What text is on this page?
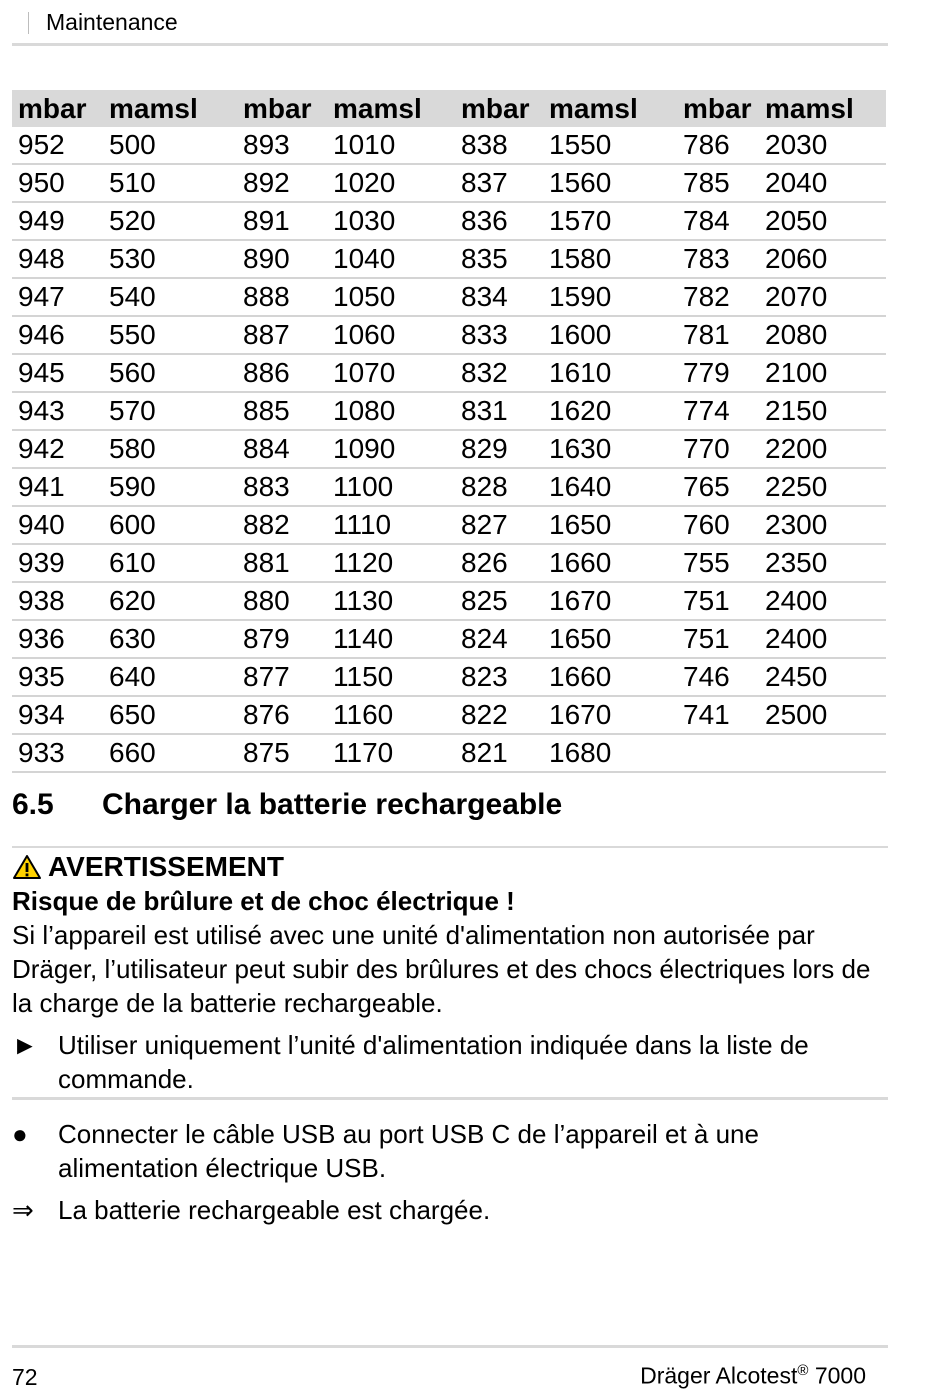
Maintenance
mbar	mamsl	mbar	mamsl	mbar	mamsl	mbar	mamsl
952	500	893	1010	838	1550	786	2030
950	510	892	1020	837	1560	785	2040
949	520	891	1030	836	1570	784	2050
948	530	890	1040	835	1580	783	2060
947	540	888	1050	834	1590	782	2070
946	550	887	1060	833	1600	781	2080
945	560	886	1070	832	1610	779	2100
943	570	885	1080	831	1620	774	2150
942	580	884	1090	829	1630	770	2200
941	590	883	1100	828	1640	765	2250
940	600	882	1110	827	1650	760	2300
939	610	881	1120	826	1660	755	2350
938	620	880	1130	825	1670	751	2400
936	630	879	1140	824	1650	751	2400
935	640	877	1150	823	1660	746	2450
934	650	876	1160	822	1670	741	2500
933	660	875	1170	821	1680		
6.5 Charger la batterie rechargeable
AVERTISSEMENT
Risque de brûlure et de choc électrique !
Si l’appareil est utilisé avec une unité d'alimentation non autorisée par Dräger, l’utilisateur peut subir des brûlures et des chocs électriques lors de la charge de la batterie rechargeable.
► Utiliser uniquement l’unité d'alimentation indiquée dans la liste de commande.
● Connecter le câble USB au port USB C de l’appareil et à une alimentation électrique USB.
⇒ La batterie rechargeable est chargée.
72	Dräger Alcotest® 7000
